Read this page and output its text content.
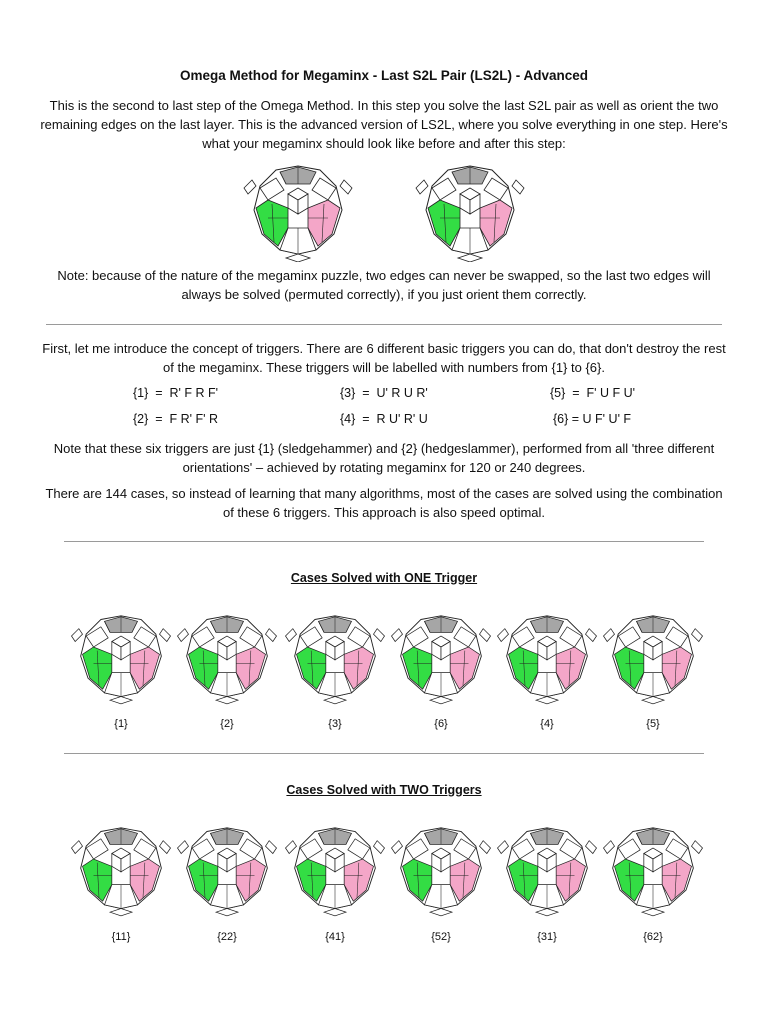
Omega Method for Megaminx - Last S2L Pair (LS2L) - Advanced
This is the second to last step of the Omega Method. In this step you solve the last S2L pair as well as orient the two remaining edges on the last layer. This is the advanced version of LS2L, where you solve everything in one step. Here's what your megaminx should look like before and after this step:
Note: because of the nature of the megaminx puzzle, two edges can never be swapped, so the last two edges will always be solved (permuted correctly), if you just orient them correctly.
First, let me introduce the concept of triggers. There are 6 different basic triggers you can do, that don't destroy the rest of the megaminx. These triggers will be labelled with numbers from {1} to {6}.
{1}  =  R' F R F'	{3}  =  U' R U R'	{5}  =  F' U F U'
{2}  =  F R' F' R	{4}  =  R U' R' U	{6} = U F' U' F
Note that these six triggers are just {1} (sledgehammer) and {2} (hedgeslammer), performed from all 'three different orientations' – achieved by rotating megaminx for 120 or 240 degrees.
There are 144 cases, so instead of learning that many algorithms, most of the cases are solved using the combination of these 6 triggers. This approach is also speed optimal.
Cases Solved with ONE Trigger
{1}	{2}	{3}	{6}	{4}	{5}
Cases Solved with TWO Triggers
{11}	{22}	{41}	{52}	{31}	{62}
